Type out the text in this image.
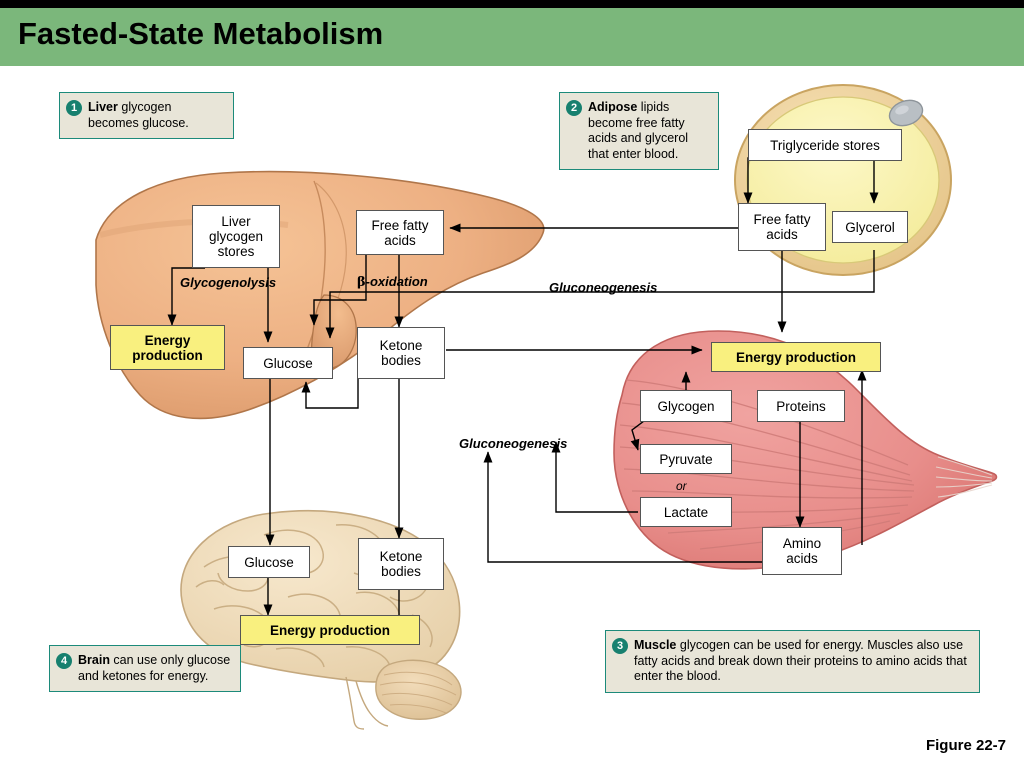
Fasted-State Metabolism
1 Liver glycogen becomes glucose.
2 Adipose lipids become free fatty acids and glycerol that enter blood.
3 Muscle glycogen can be used for energy. Muscles also use fatty acids and break down their proteins to amino acids that enter the blood.
4 Brain can use only glucose and ketones for energy.
Liver glycogen stores
Free fatty acids
Glycogenolysis	β-oxidation
Energy production
Glucose
Ketone bodies
Triglyceride stores
Free fatty acids	Glycerol
Gluconeogenesis
Gluconeogenesis
Energy production
Glycogen	Proteins
Pyruvate
or
Lactate
Amino acids
Glucose	Ketone bodies
Energy production
Figure 22-7
